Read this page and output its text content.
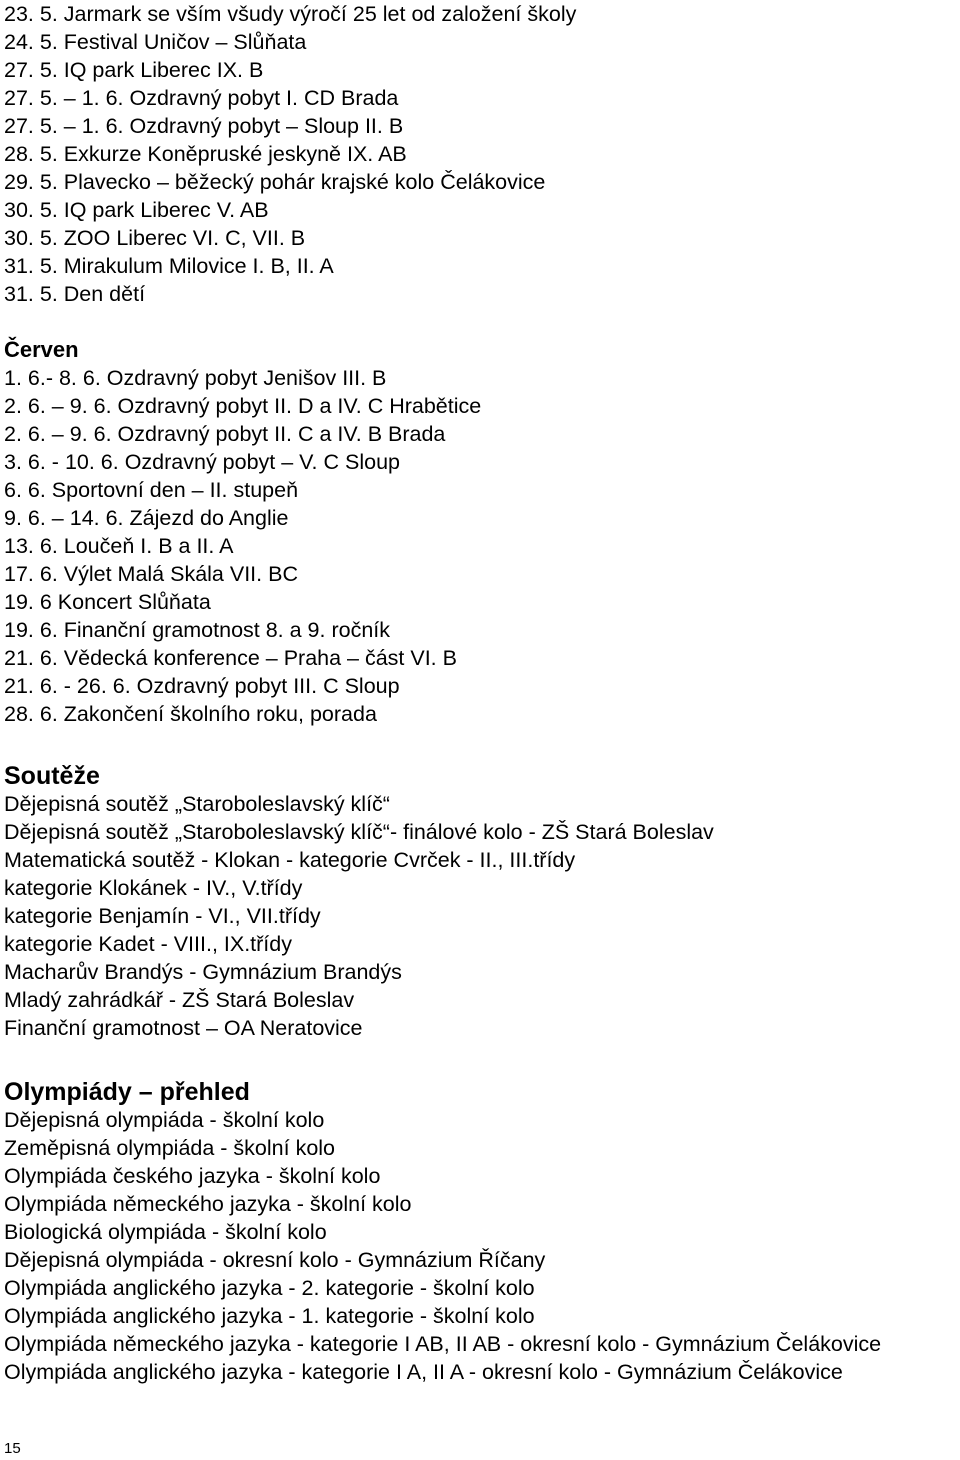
23. 5. Jarmark se vším všudy výročí 25 let od založení školy
24. 5. Festival Uničov – Slůňata
27. 5. IQ park Liberec IX. B
27. 5. – 1. 6. Ozdravný pobyt I. CD Brada
27. 5. – 1. 6. Ozdravný pobyt – Sloup II. B
28. 5. Exkurze Koněpruské jeskyně IX. AB
29. 5. Plavecko – běžecký pohár krajské kolo Čelákovice
30. 5. IQ park Liberec V. AB
30. 5. ZOO Liberec VI. C, VII. B
31. 5. Mirakulum Milovice I. B, II. A
31. 5. Den dětí
Červen
1. 6.- 8. 6. Ozdravný pobyt Jenišov III. B
2. 6. – 9. 6. Ozdravný pobyt II. D a IV. C Hrabětice
2. 6. – 9. 6. Ozdravný pobyt II. C a IV. B Brada
3. 6. - 10. 6. Ozdravný pobyt – V. C Sloup
6. 6. Sportovní den – II. stupeň
9. 6. – 14. 6. Zájezd do Anglie
13. 6. Loučeň I. B a II. A
17. 6. Výlet Malá Skála VII. BC
19. 6 Koncert Slůňata
19. 6. Finanční gramotnost 8. a 9. ročník
21. 6. Vědecká konference – Praha – část VI. B
21. 6. - 26. 6. Ozdravný pobyt III. C Sloup
28. 6. Zakončení školního roku, porada
Soutěže
Dějepisná soutěž „Staroboleslavský klíč“
Dějepisná soutěž „Staroboleslavský klíč“- finálové kolo - ZŠ Stará Boleslav
Matematická soutěž - Klokan - kategorie Cvrček - II., III.třídy
kategorie Klokánek - IV., V.třídy
kategorie Benjamín - VI., VII.třídy
kategorie Kadet - VIII., IX.třídy
Macharův Brandýs - Gymnázium Brandýs
Mladý zahrádkář - ZŠ Stará Boleslav
Finanční gramotnost – OA Neratovice
Olympiády – přehled
Dějepisná olympiáda - školní kolo
Zeměpisná olympiáda - školní kolo
Olympiáda českého jazyka - školní kolo
Olympiáda německého jazyka - školní kolo
Biologická olympiáda - školní kolo
Dějepisná olympiáda - okresní kolo - Gymnázium Říčany
Olympiáda anglického jazyka - 2. kategorie - školní kolo
Olympiáda anglického jazyka - 1. kategorie - školní kolo
Olympiáda německého jazyka - kategorie I AB, II AB - okresní kolo - Gymnázium Čelákovice
Olympiáda anglického jazyka - kategorie I A, II A - okresní kolo - Gymnázium Čelákovice
15
